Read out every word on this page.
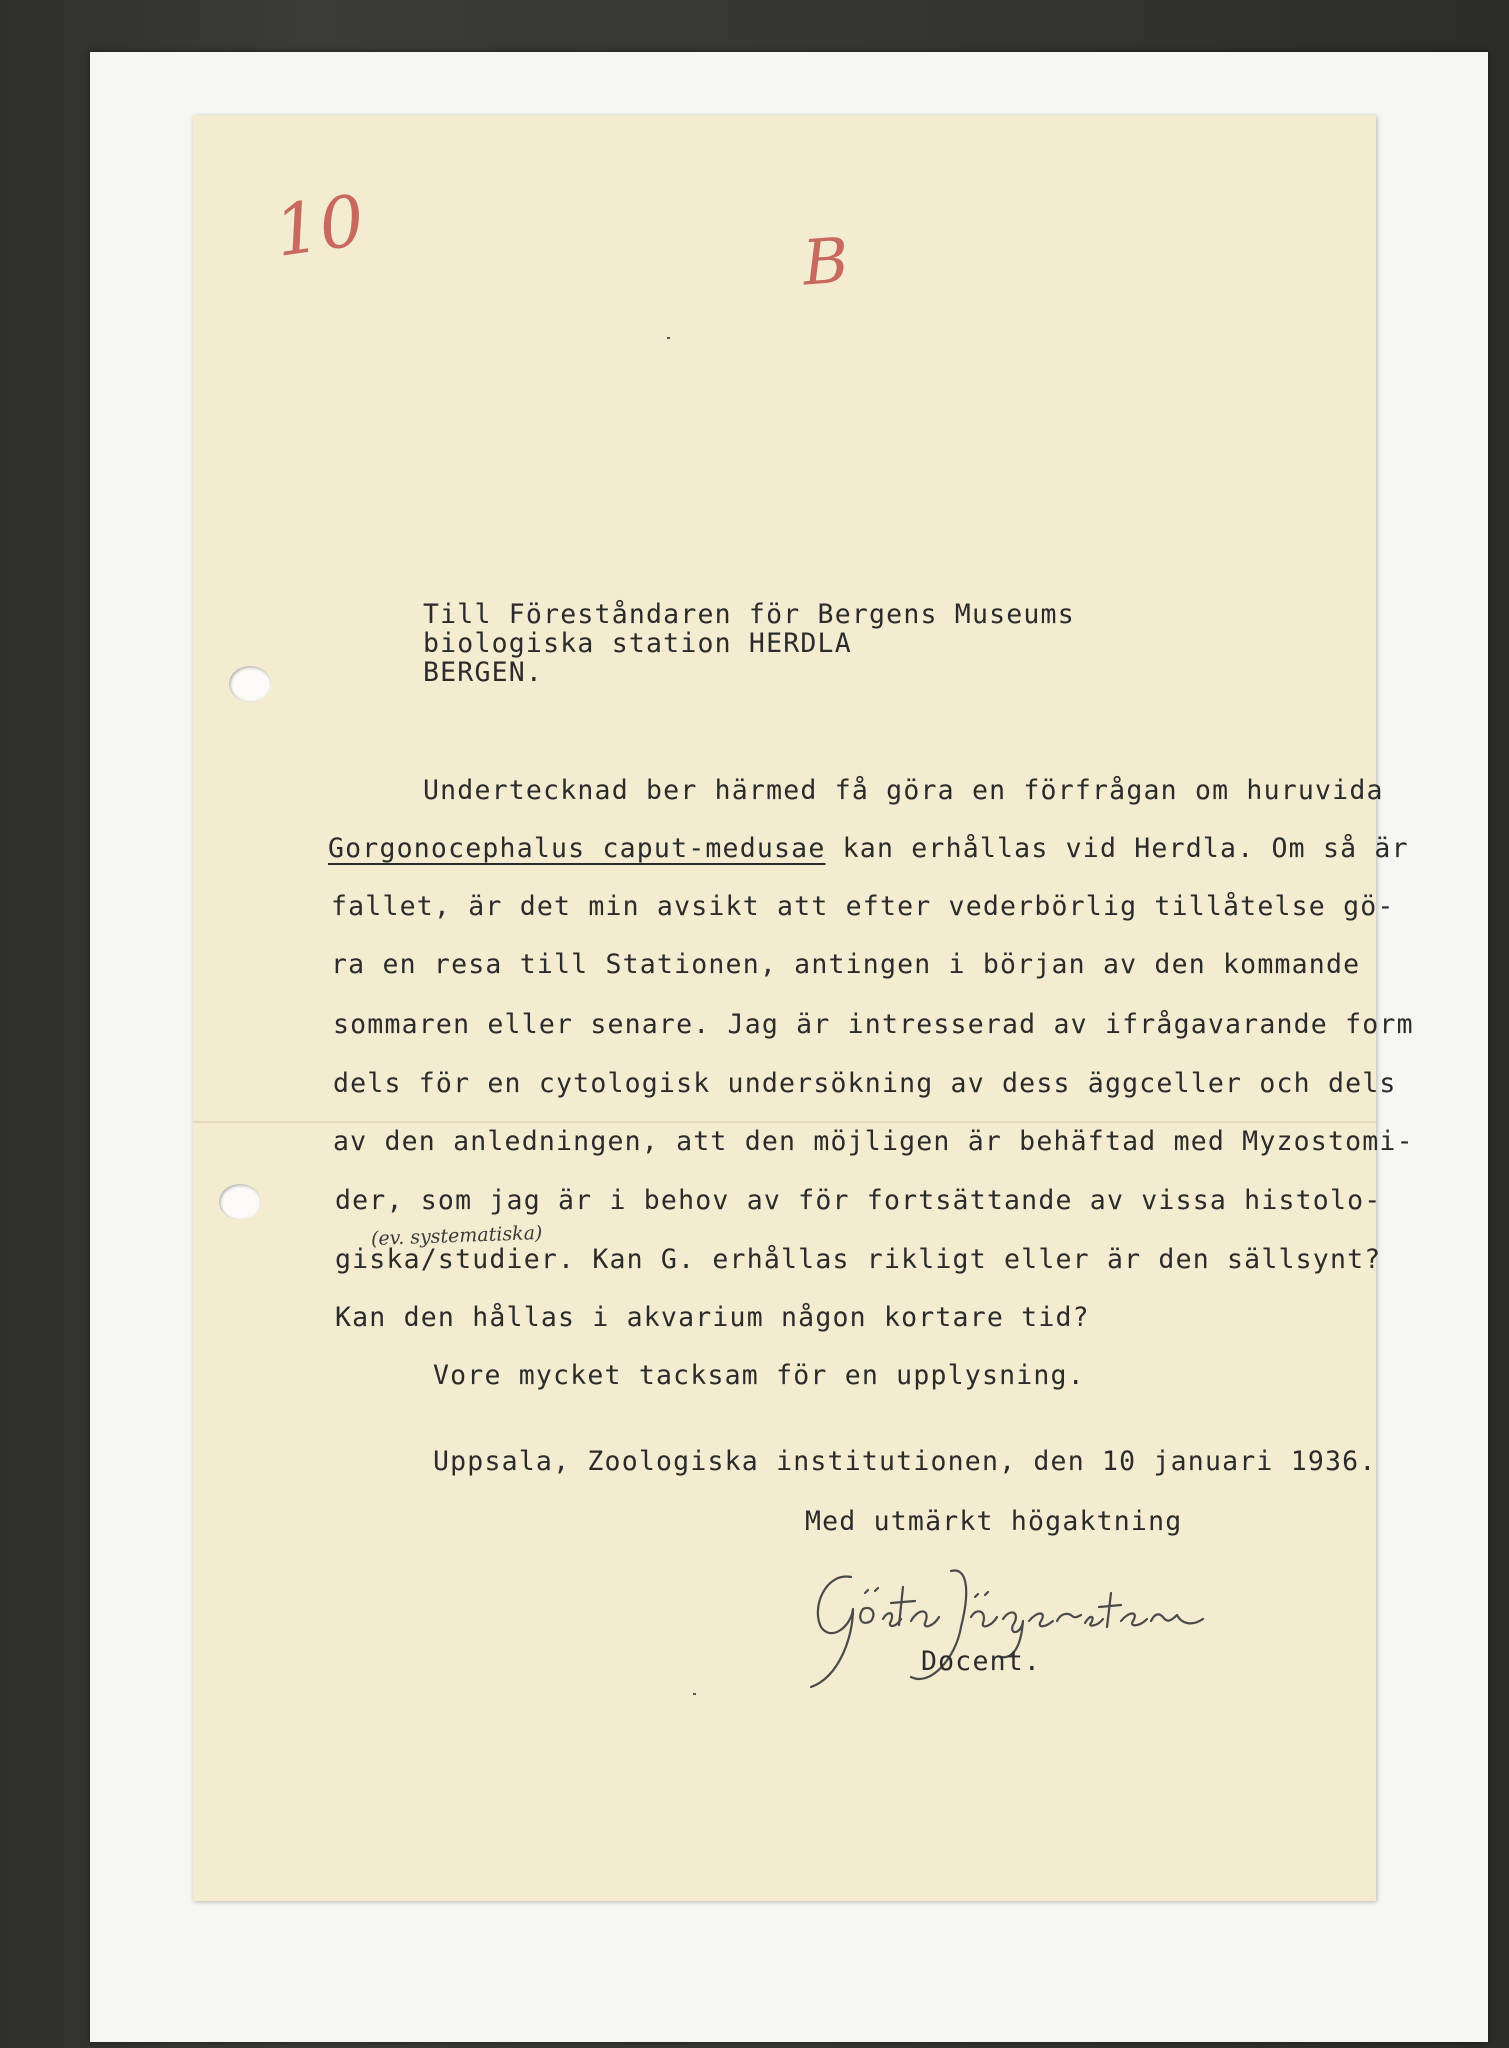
10	B
Till Föreståndaren för Bergens Museums
biologiska station HERDLA
BERGEN.
Undertecknad ber härmed få göra en förfrågan om huruvida
Gorgonocephalus caput-medusae kan erhållas vid Herdla. Om så är
fallet, är det min avsikt att efter vederbörlig tillåtelse gö-
ra en resa till Stationen, antingen i början av den kommande
sommaren eller senare. Jag är intresserad av ifrågavarande form
dels för en cytologisk undersökning av dess äggceller och dels
av den anledningen, att den möjligen är behäftad med Myzostomi-
der, som jag är i behov av för fortsättande av vissa histolo-
(ev. systematiska)
giska/studier. Kan G. erhållas rikligt eller är den sällsynt?
Kan den hållas i akvarium någon kortare tid?
Vore mycket tacksam för en upplysning.
Uppsala, Zoologiska institutionen, den 10 januari 1936.
Med utmärkt högaktning
Docent.
